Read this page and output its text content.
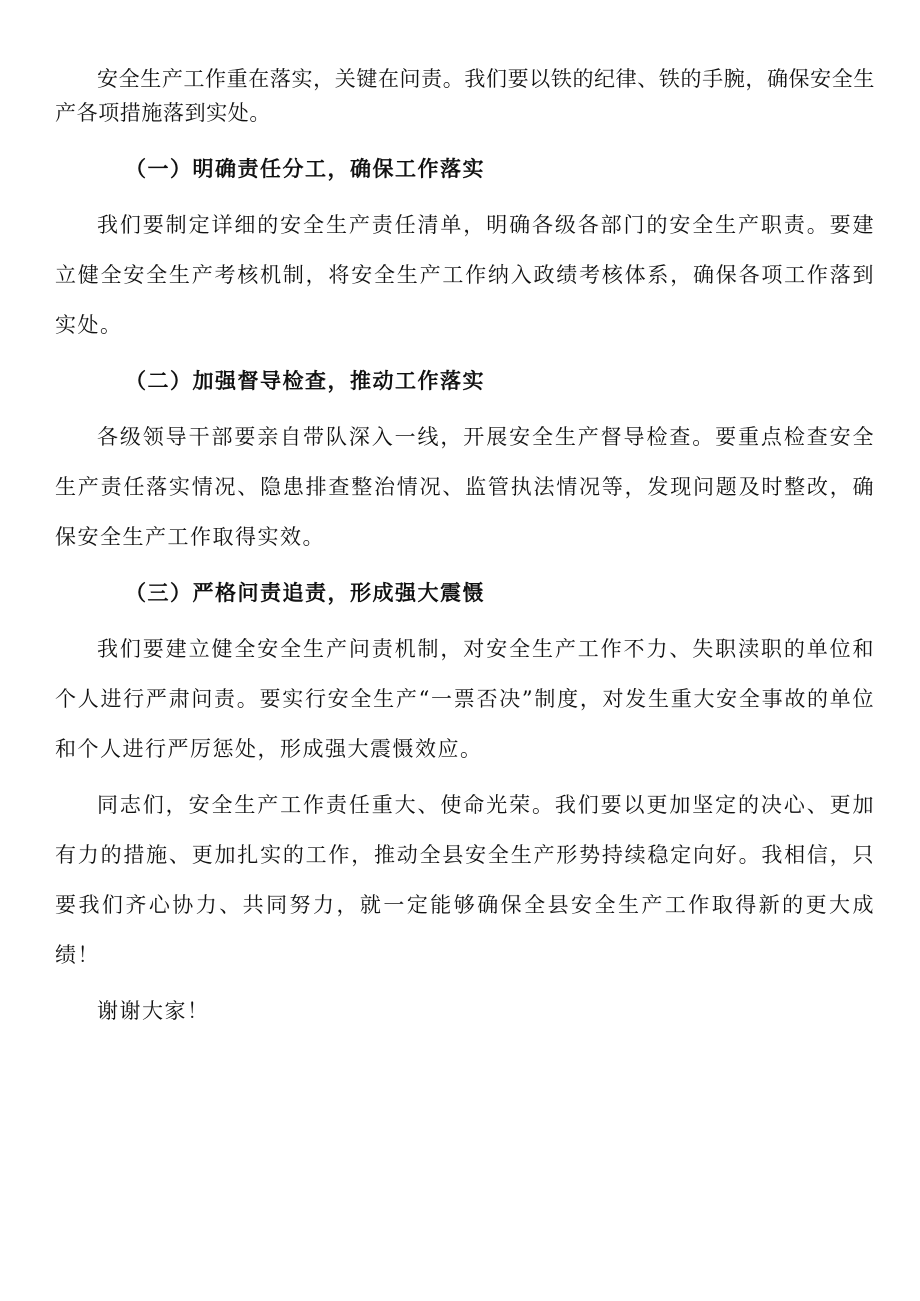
安全生产工作重在落实，关键在问责。我们要以铁的纪律、铁的手腕，确保安全生产各项措施落到实处。

（一）明确责任分工，确保工作落实

我们要制定详细的安全生产责任清单，明确各级各部门的安全生产职责。要建立健全安全生产考核机制，将安全生产工作纳入政绩考核体系，确保各项工作落到实处。

（二）加强督导检查，推动工作落实

各级领导干部要亲自带队深入一线，开展安全生产督导检查。要重点检查安全生产责任落实情况、隐患排查整治情况、监管执法情况等，发现问题及时整改，确保安全生产工作取得实效。

（三）严格问责追责，形成强大震慑

我们要建立健全安全生产问责机制，对安全生产工作不力、失职渎职的单位和个人进行严肃问责。要实行安全生产“一票否决”制度，对发生重大安全事故的单位和个人进行严厉惩处，形成强大震慑效应。

同志们，安全生产工作责任重大、使命光荣。我们要以更加坚定的决心、更加有力的措施、更加扎实的工作，推动全县安全生产形势持续稳定向好。我相信，只要我们齐心协力、共同努力，就一定能够确保全县安全生产工作取得新的更大成绩！

谢谢大家！
